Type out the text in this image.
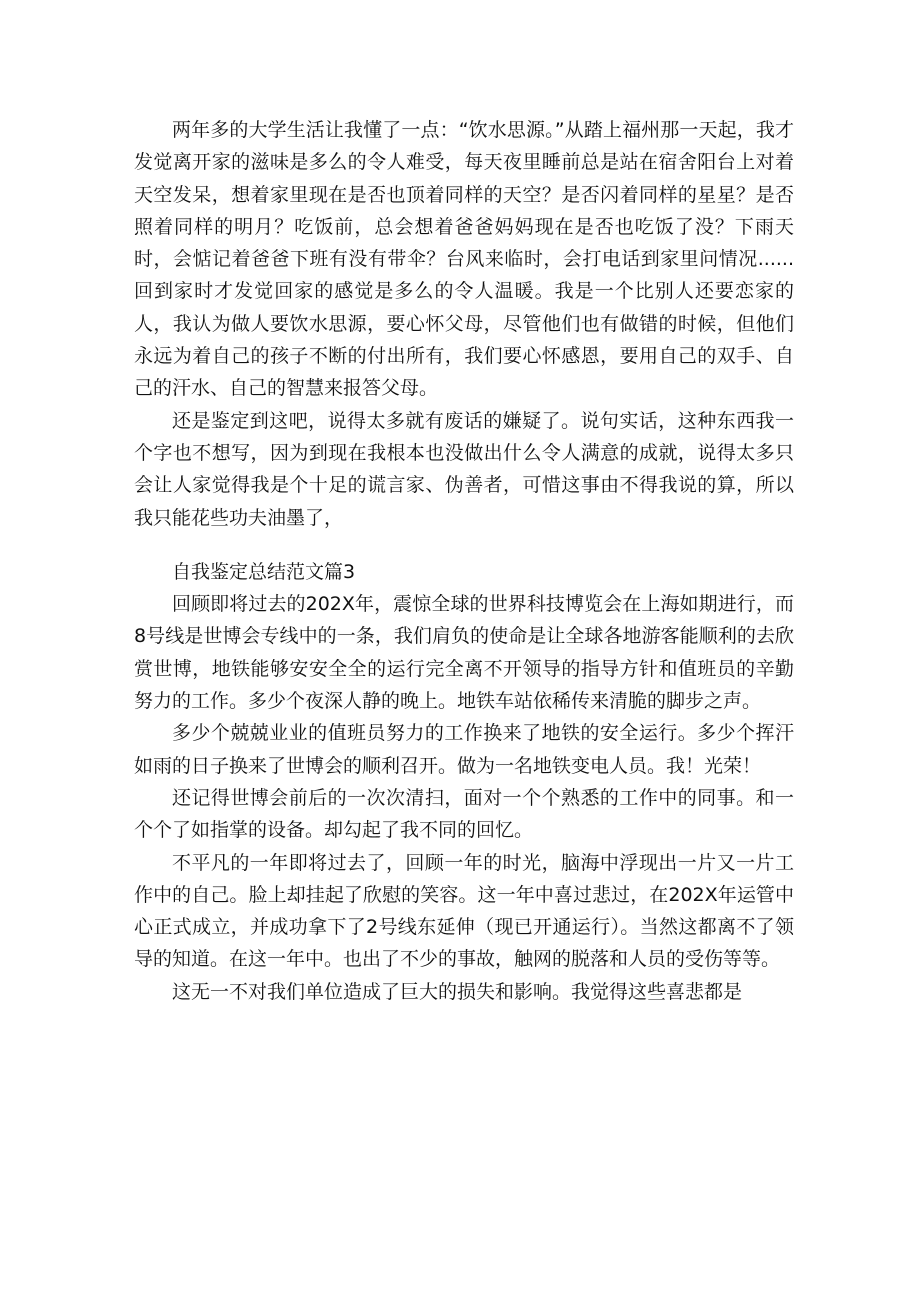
两年多的大学生活让我懂了一点：“饮水思源。”从踏上福州那一天起，我才发觉离开家的滋味是多么的令人难受，每天夜里睡前总是站在宿舍阳台上对着天空发呆，想着家里现在是否也顶着同样的天空？是否闪着同样的星星？是否照着同样的明月？吃饭前，总会想着爸爸妈妈现在是否也吃饭了没？下雨天时，会惦记着爸爸下班有没有带伞？台风来临时，会打电话到家里问情况......回到家时才发觉回家的感觉是多么的令人温暖。我是一个比别人还要恋家的人，我认为做人要饮水思源，要心怀父母，尽管他们也有做错的时候，但他们永远为着自己的孩子不断的付出所有，我们要心怀感恩，要用自己的双手、自己的汗水、自己的智慧来报答父母。

还是鉴定到这吧，说得太多就有废话的嫌疑了。说句实话，这种东西我一个字也不想写，因为到现在我根本也没做出什么令人满意的成就，说得太多只会让人家觉得我是个十足的谎言家、伪善者，可惜这事由不得我说的算，所以我只能花些功夫油墨了，

自我鉴定总结范文篇3

回顾即将过去的202X年，震惊全球的世界科技博览会在上海如期进行，而8号线是世博会专线中的一条，我们肩负的使命是让全球各地游客能顺利的去欣赏世博，地铁能够安安全全的运行完全离不开领导的指导方针和值班员的辛勤努力的工作。多少个夜深人静的晚上。地铁车站依稀传来清脆的脚步之声。

多少个兢兢业业的值班员努力的工作换来了地铁的安全运行。多少个挥汗如雨的日子换来了世博会的顺利召开。做为一名地铁变电人员。我！光荣！

还记得世博会前后的一次次清扫，面对一个个熟悉的工作中的同事。和一个个了如指掌的设备。却勾起了我不同的回忆。

不平凡的一年即将过去了，回顾一年的时光，脑海中浮现出一片又一片工作中的自己。脸上却挂起了欣慰的笑容。这一年中喜过悲过，在202X年运管中心正式成立，并成功拿下了2号线东延伸（现已开通运行）。当然这都离不了领导的知道。在这一年中。也出了不少的事故，触网的脱落和人员的受伤等等。

这无一不对我们单位造成了巨大的损失和影响。我觉得这些喜悲都是
